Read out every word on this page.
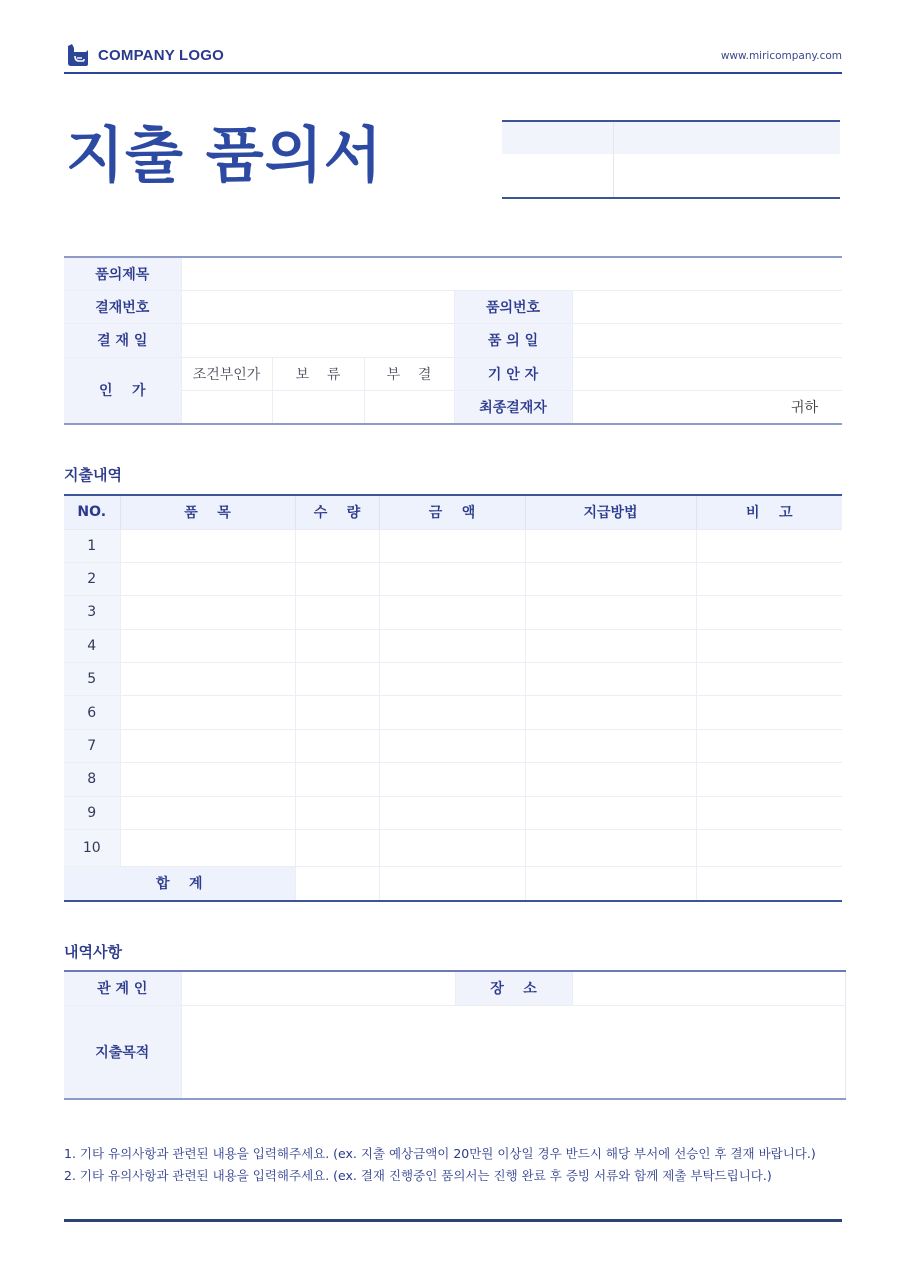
COMPANY LOGO	www.miricompany.com
지출 품의서
품의제목					
결재번호				품의번호	
결 재 일				품 의 일	
인    가	조건부인가	보    류	부    결	기 안 자	
				최종결재자	귀하
지출내역
NO.	품    목	수    량	금    액	지급방법	비    고
1					
2					
3					
4					
5					
6					
7					
8					
9					
10					
합    계					
내역사항
관 계 인		장    소	
지출목적			
1. 기타 유의사항과 관련된 내용을 입력해주세요. (ex. 지출 예상금액이 20만원 이상일 경우 반드시 해당 부서에 선승인 후 결재 바랍니다.)
2. 기타 유의사항과 관련된 내용을 입력해주세요. (ex. 결재 진행중인 품의서는 진행 완료 후 증빙 서류와 함께 제출 부탁드립니다.)
